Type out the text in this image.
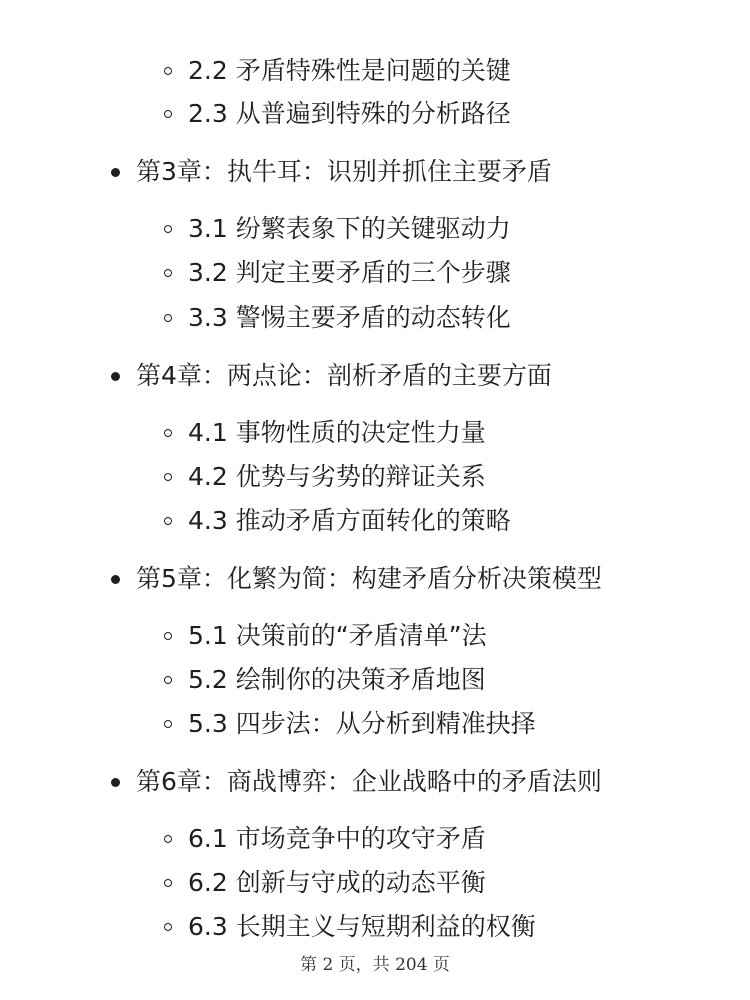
2.2 矛盾特殊性是问题的关键
2.3 从普遍到特殊的分析路径
第3章：执牛耳：识别并抓住主要矛盾
3.1 纷繁表象下的关键驱动力
3.2 判定主要矛盾的三个步骤
3.3 警惕主要矛盾的动态转化
第4章：两点论：剖析矛盾的主要方面
4.1 事物性质的决定性力量
4.2 优势与劣势的辩证关系
4.3 推动矛盾方面转化的策略
第5章：化繁为简：构建矛盾分析决策模型
5.1 决策前的“矛盾清单”法
5.2 绘制你的决策矛盾地图
5.3 四步法：从分析到精准抉择
第6章：商战博弈：企业战略中的矛盾法则
6.1 市场竞争中的攻守矛盾
6.2 创新与守成的动态平衡
6.3 长期主义与短期利益的权衡
第 2 页，共 204 页
